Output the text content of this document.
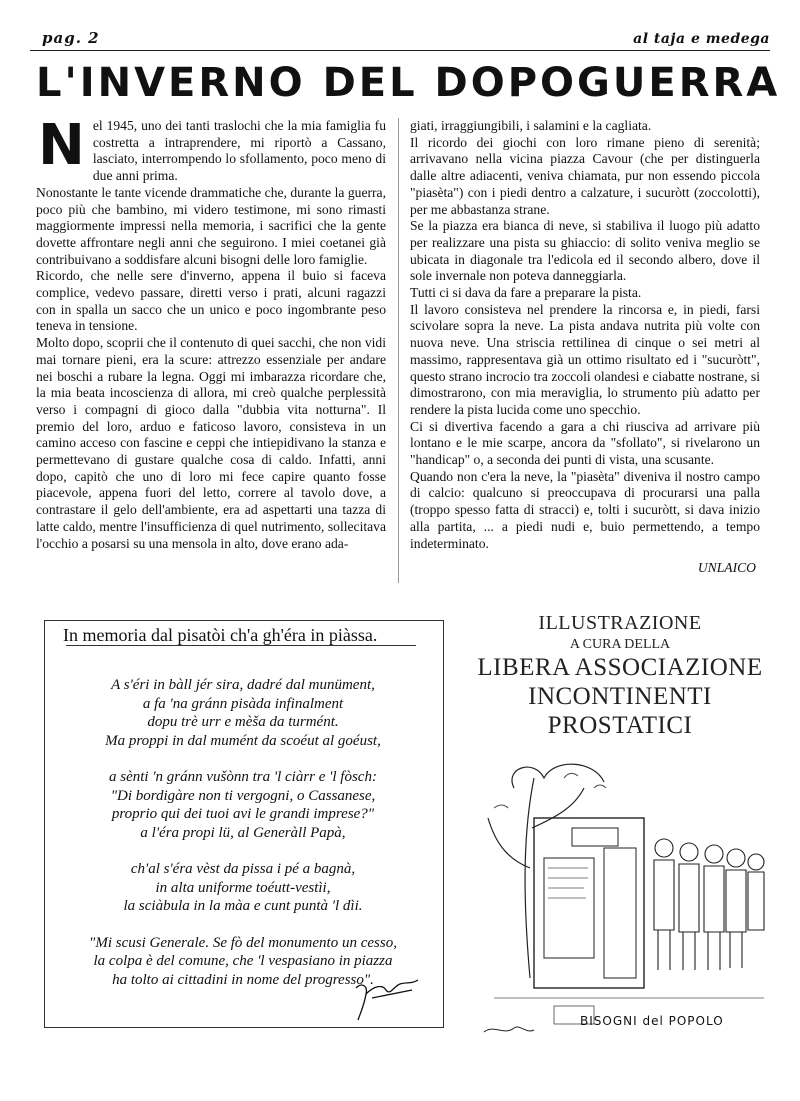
pag. 2	al taja e medega
L'INVERNO DEL DOPOGUERRA
N el 1945, uno dei tanti traslochi che la mia famiglia fu costretta a intraprendere, mi riportò a Cassano, lasciato, interrompendo lo sfollamento, poco meno di due anni prima.

Nonostante le tante vicende drammatiche che, durante la guerra, poco più che bambino, mi videro testimone, mi sono rimasti maggiormente impressi nella memoria, i sacrifici che la gente dovette affrontare negli anni che seguirono. I miei coetanei già contribuivano a soddisfare alcuni bisogni delle loro famiglie.

Ricordo, che nelle sere d'inverno, appena il buio si faceva complice, vedevo passare, diretti verso i prati, alcuni ragazzi con in spalla un sacco che un unico e poco ingombrante peso teneva in tensione.

Molto dopo, scoprii che il contenuto di quei sacchi, che non vidi mai tornare pieni, era la scure: attrezzo essenziale per andare nei boschi a rubare la legna. Oggi mi imbarazza ricordare che, la mia beata incoscienza di allora, mi creò qualche perplessità verso i compagni di gioco dalla "dubbia vita notturna". Il premio del loro, arduo e faticoso lavoro, consisteva in un camino acceso con fascine e ceppi che intiepidivano la stanza e permettevano di gustare qualche cosa di caldo. Infatti, anni dopo, capitò che uno di loro mi fece capire quanto fosse piacevole, appena fuori del letto, correre al tavolo dove, a contrastare il gelo dell'ambiente, era ad aspettarti una tazza di latte caldo, mentre l'insufficienza di quel nutrimento, sollecitava l'occhio a posarsi su una mensola in alto, dove erano ada-

giati, irraggiungibili, i salamini e la cagliata.

Il ricordo dei giochi con loro rimane pieno di serenità; arrivavano nella vicina piazza Cavour (che per distinguerla dalle altre adiacenti, veniva chiamata, pur non essendo piccola "piasèta") con i piedi dentro a calzature, i sucuròtt (zoccolotti), per me abbastanza strane.

Se la piazza era bianca di neve, si stabiliva il luogo più adatto per realizzare una pista su ghiaccio: di solito veniva meglio se ubicata in diagonale tra l'edicola ed il secondo albero, dove il sole invernale non poteva danneggiarla.

Tutti ci si dava da fare a preparare la pista.

Il lavoro consisteva nel prendere la rincorsa e, in piedi, farsi scivolare sopra la neve. La pista andava nutrita più volte con nuova neve. Una striscia rettilinea di cinque o sei metri al massimo, rappresentava già un ottimo risultato ed i "sucuròtt", questo strano incrocio tra zoccoli olandesi e ciabatte nostrane, si dimostrarono, con mia meraviglia, lo strumento più adatto per rendere la pista lucida come uno specchio.

Ci si divertiva facendo a gara a chi riusciva ad arrivare più lontano e le mie scarpe, ancora da "sfollato", si rivelarono un "handicap" o, a seconda dei punti di vista, una scusante.

Quando non c'era la neve, la "piasèta" diveniva il nostro campo di calcio: qualcuno si preoccupava di procurarsi una palla (troppo spesso fatta di stracci) e, tolti i sucuròtt, si dava inizio alla partita, ... a piedi nudi e, buio permettendo, a tempo indeterminato.

UNLAICO
In memoria dal pisatòi ch'a gh'éra in piàssa.
A s'éri in bàll jér sira, dadré dal munüment,
a fa 'na gránn pisàda infinalment
dopu trè urr e mèša da turmént.
Ma proppi in dal mumént da scoéut al goéust,
a sènti 'n gránn vušònn tra 'l ciàrr e 'l fòsch:
"Di bordigàre non ti vergogni, o Cassanese,
proprio qui dei tuoi avi le grandi imprese?"
a l'éra propi lü, al Generàll Papà,
ch'al s'éra vèst da pissa i pé a bagnà,
in alta uniforme toéutt-vestìi,
la sciàbula in la màa e cunt puntà 'l dìi.
"Mi scusi Generale. Se fò del monumento un cesso,
la colpa è del comune, che 'l vespasiano in piazza
ha tolto ai cittadini in nome del progresso".
ILLUSTRAZIONE
A CURA DELLA
LIBERA ASSOCIAZIONE
INCONTINENTI
PROSTATICI
BISOGNI del POPOLO
